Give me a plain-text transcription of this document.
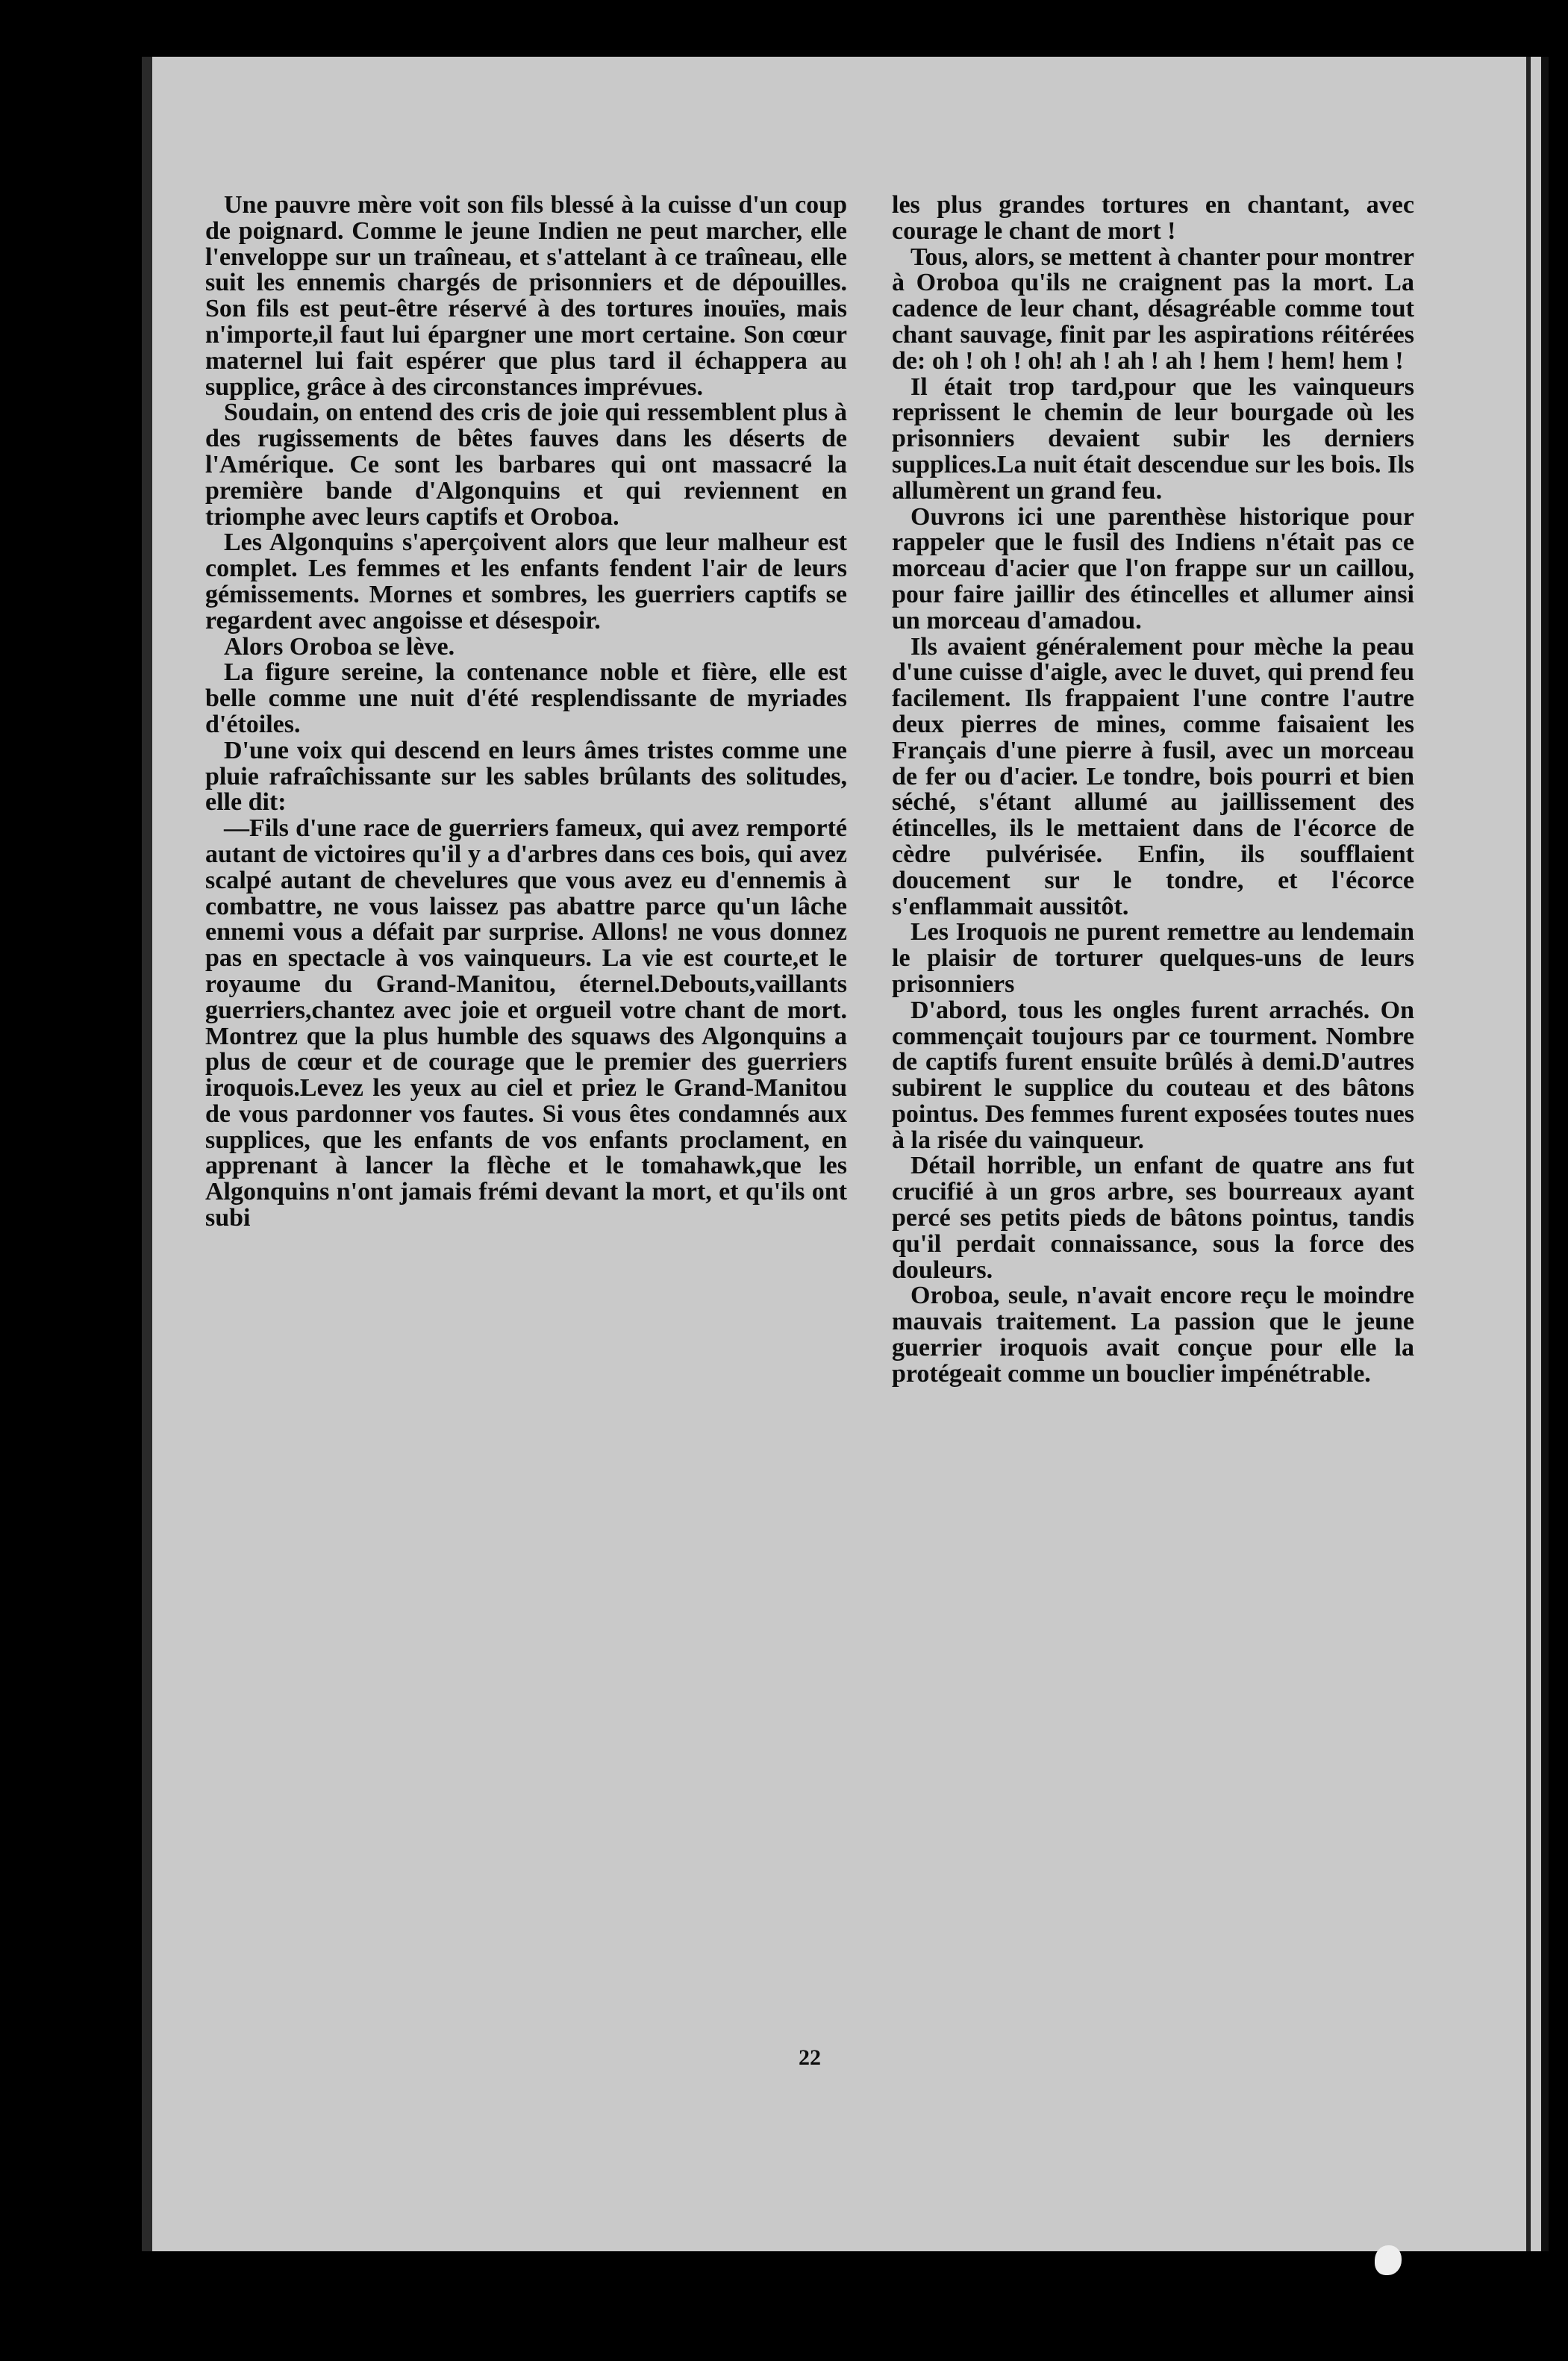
Une pauvre mère voit son fils blessé à la cuisse d'un coup de poignard. Comme le jeune Indien ne peut marcher, elle l'enveloppe sur un traîneau, et s'attelant à ce traîneau, elle suit les ennemis chargés de prisonniers et de dépouilles. Son fils est peut-être réservé à des tortures inouïes, mais n'importe,il faut lui épargner une mort certaine. Son cœur maternel lui fait espérer que plus tard il échappera au supplice, grâce à des circonstances imprévues.

Soudain, on entend des cris de joie qui ressemblent plus à des rugissements de bêtes fauves dans les déserts de l'Amérique. Ce sont les barbares qui ont massacré la première bande d'Algonquins et qui reviennent en triomphe avec leurs captifs et Oroboa.

Les Algonquins s'aperçoivent alors que leur malheur est complet. Les femmes et les enfants fendent l'air de leurs gémissements. Mornes et sombres, les guerriers captifs se regardent avec angoisse et désespoir.

Alors Oroboa se lève.

La figure sereine, la contenance noble et fière, elle est belle comme une nuit d'été resplendissante de myriades d'étoiles.

D'une voix qui descend en leurs âmes tristes comme une pluie rafraîchissante sur les sables brûlants des solitudes, elle dit:

—Fils d'une race de guerriers fameux, qui avez remporté autant de victoires qu'il y a d'arbres dans ces bois, qui avez scalpé autant de chevelures que vous avez eu d'ennemis à combattre, ne vous laissez pas abattre parce qu'un lâche ennemi vous a défait par surprise. Allons! ne vous donnez pas en spectacle à vos vainqueurs. La vie est courte,et le royaume du Grand-Manitou, éternel.Debouts,vaillants guerriers,chantez avec joie et orgueil votre chant de mort. Montrez que la plus humble des squaws des Algonquins a plus de cœur et de courage que le premier des guerriers iroquois.Levez les yeux au ciel et priez le Grand-Manitou de vous pardonner vos fautes. Si vous êtes condamnés aux supplices, que les enfants de vos enfants proclament, en apprenant à lancer la flèche et le tomahawk,que les Algonquins n'ont jamais frémi devant la mort, et qu'ils ont subi

les plus grandes tortures en chantant, avec courage le chant de mort !

Tous, alors, se mettent à chanter pour montrer à Oroboa qu'ils ne craignent pas la mort. La cadence de leur chant, désagréable comme tout chant sauvage, finit par les aspirations réitérées de: oh ! oh ! oh! ah ! ah ! ah ! hem ! hem! hem !

Il était trop tard,pour que les vainqueurs reprissent le chemin de leur bourgade où les prisonniers devaient subir les derniers supplices.La nuit était descendue sur les bois. Ils allumèrent un grand feu.

Ouvrons ici une parenthèse historique pour rappeler que le fusil des Indiens n'était pas ce morceau d'acier que l'on frappe sur un caillou, pour faire jaillir des étincelles et allumer ainsi un morceau d'amadou.

Ils avaient généralement pour mèche la peau d'une cuisse d'aigle, avec le duvet, qui prend feu facilement. Ils frappaient l'une contre l'autre deux pierres de mines, comme faisaient les Français d'une pierre à fusil, avec un morceau de fer ou d'acier. Le tondre, bois pourri et bien séché, s'étant allumé au jaillissement des étincelles, ils le mettaient dans de l'écorce de cèdre pulvérisée. Enfin, ils soufflaient doucement sur le tondre, et l'écorce s'enflammait aussitôt.

Les Iroquois ne purent remettre au lendemain le plaisir de torturer quelques-uns de leurs prisonniers

D'abord, tous les ongles furent arrachés. On commençait toujours par ce tourment. Nombre de captifs furent ensuite brûlés à demi.D'autres subirent le supplice du couteau et des bâtons pointus. Des femmes furent exposées toutes nues à la risée du vainqueur.

Détail horrible, un enfant de quatre ans fut crucifié à un gros arbre, ses bourreaux ayant percé ses petits pieds de bâtons pointus, tandis qu'il perdait connaissance, sous la force des douleurs.

Oroboa, seule, n'avait encore reçu le moindre mauvais traitement. La passion que le jeune guerrier iroquois avait conçue pour elle la protégeait comme un bouclier impénétrable.

22
